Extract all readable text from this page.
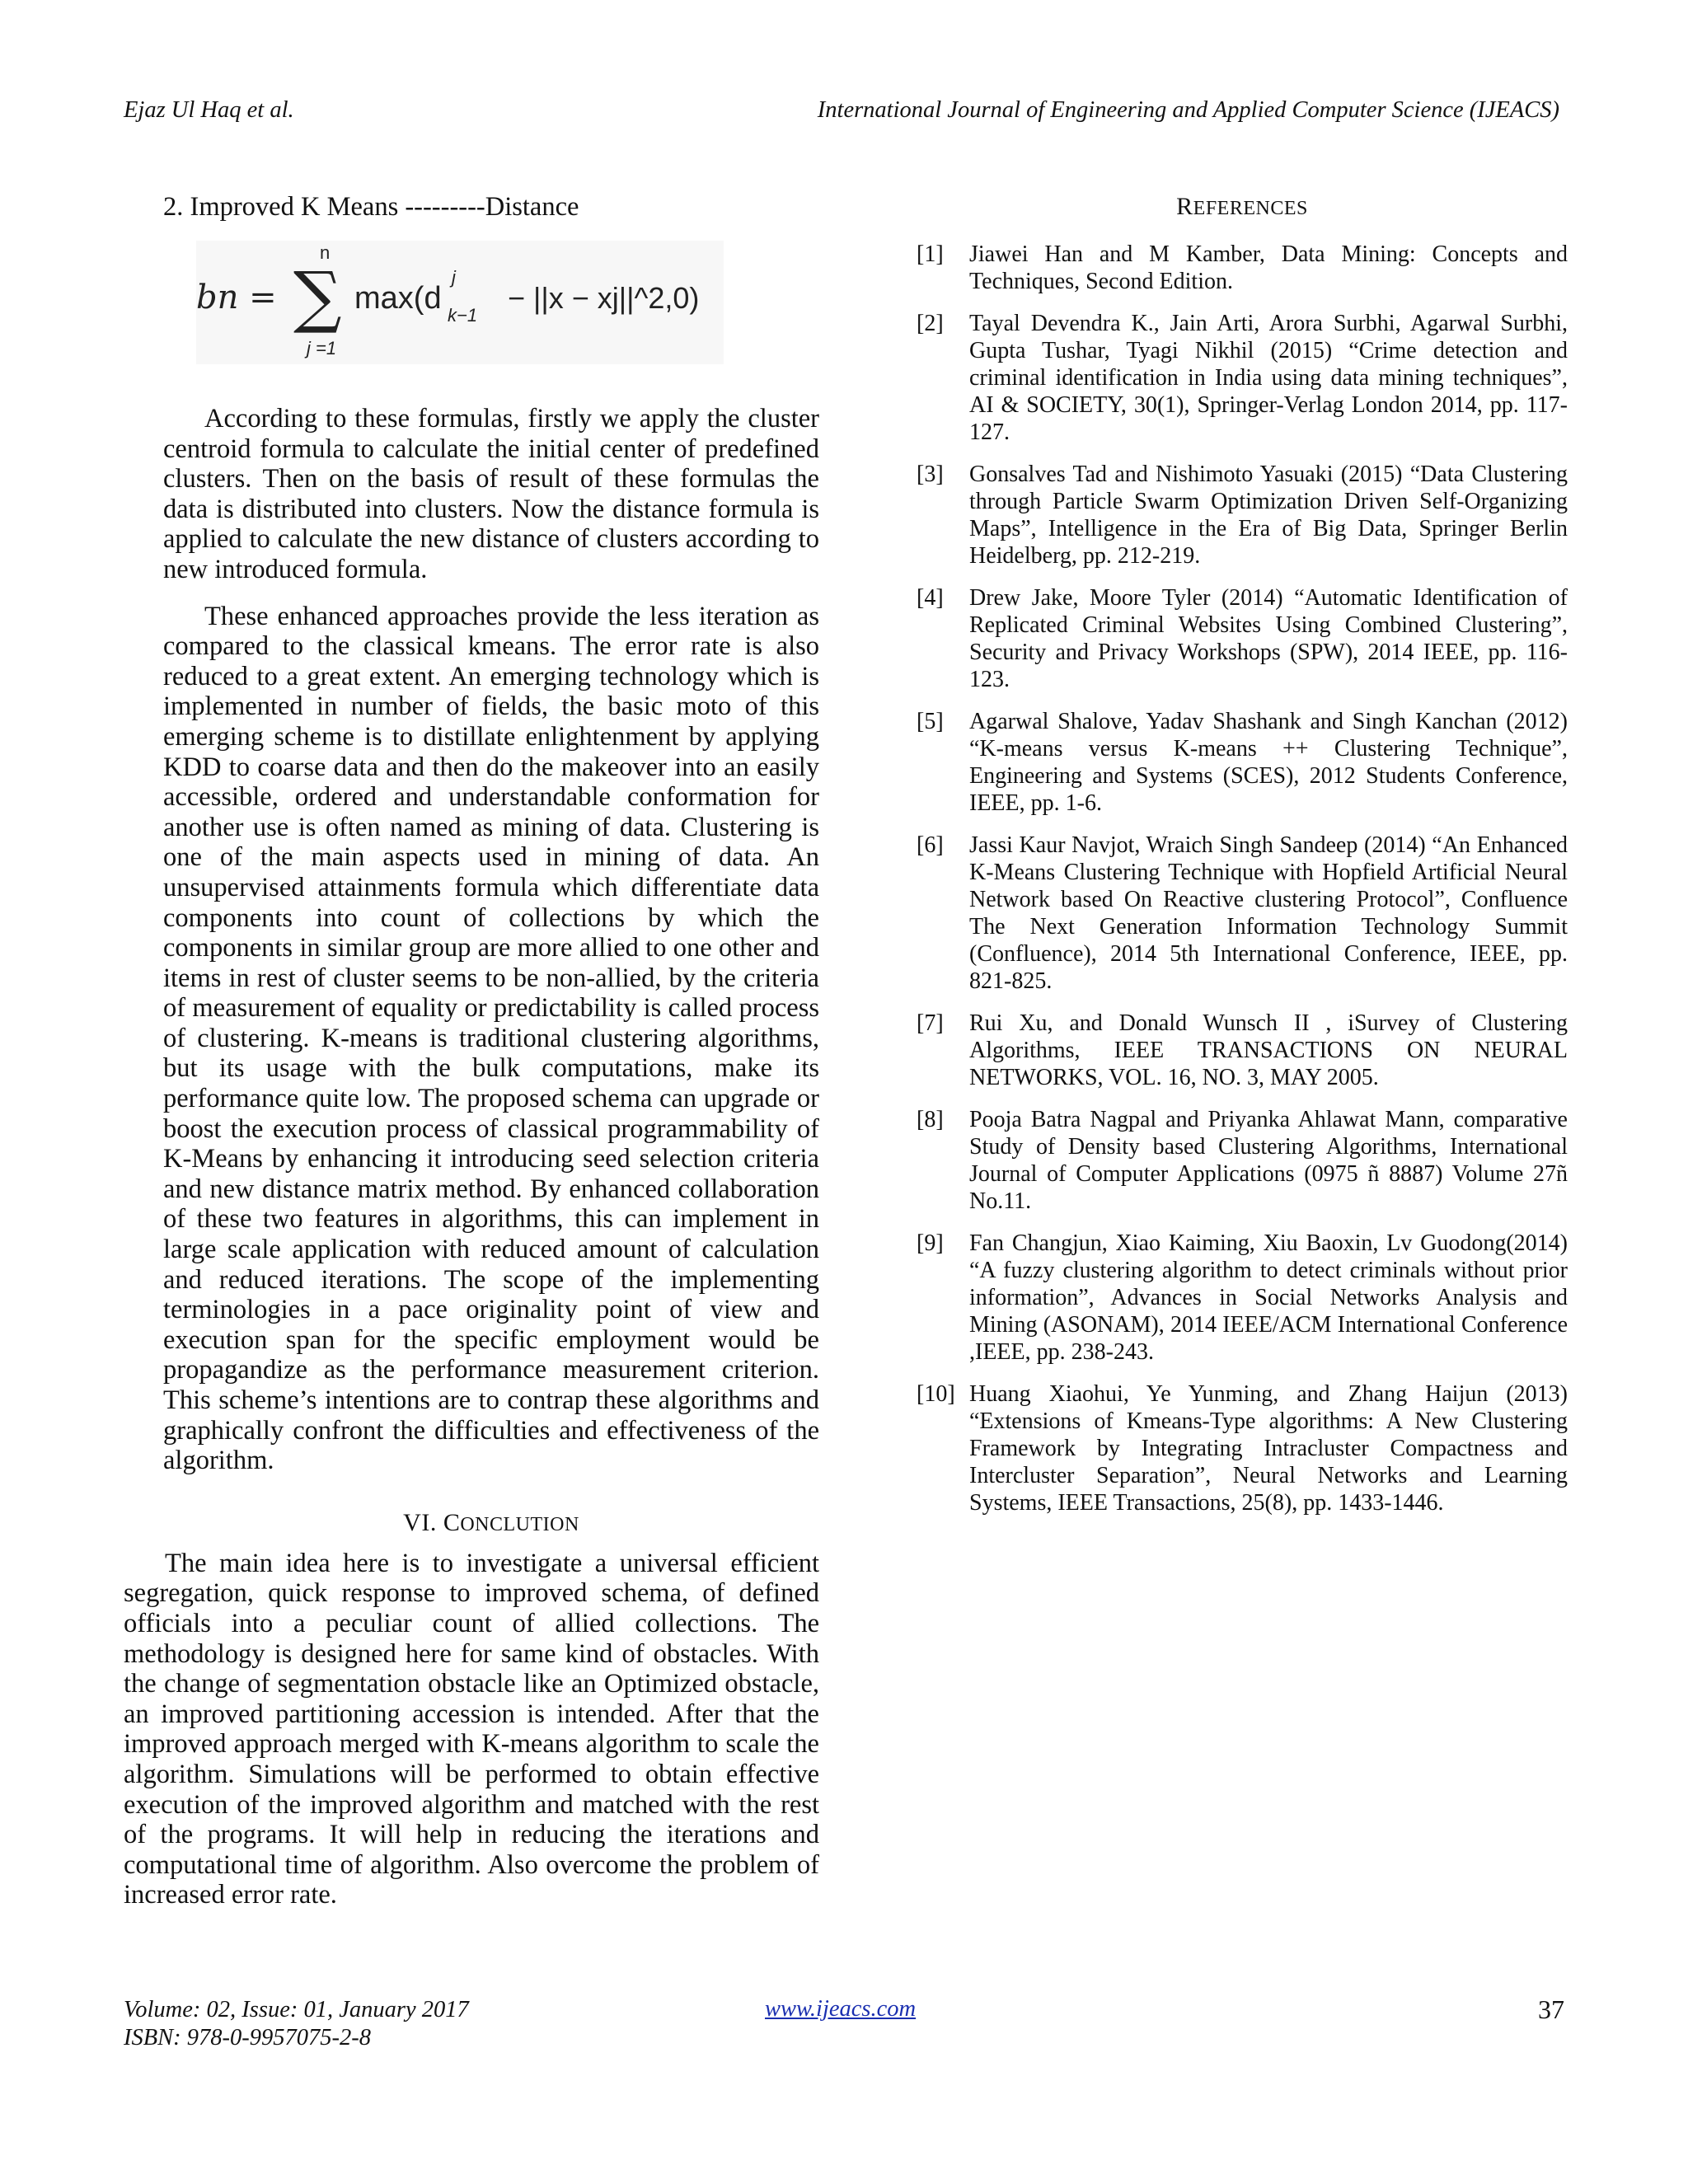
Ejaz Ul Haq et al.	International Journal of Engineering and Applied Computer Science (IJEACS)
2. Improved K Means ---------Distance
n
bn = ∑
j =1
max(d
j
k−1
− ||x − xj||^2,0)

According to these formulas, firstly we apply the cluster centroid formula to calculate the initial center of predefined clusters. Then on the basis of result of these formulas the data is distributed into clusters. Now the distance formula is applied to calculate the new distance of clusters according to new introduced formula.

These enhanced approaches provide the less iteration as compared to the classical kmeans. The error rate is also reduced to a great extent. An emerging technology which is implemented in number of fields, the basic moto of this emerging scheme is to distillate enlightenment by applying KDD to coarse data and then do the makeover into an easily accessible, ordered and understandable conformation for another use is often named as mining of data. Clustering is one of the main aspects used in mining of data. An unsupervised attainments formula which differentiate data components into count of collections by which the components in similar group are more allied to one other and items in rest of cluster seems to be non-allied, by the criteria of measurement of equality or predictability is called process of clustering. K-means is traditional clustering algorithms, but its usage with the bulk computations, make its performance quite low. The proposed schema can upgrade or boost the execution process of classical programmability of K-Means by enhancing it introducing seed selection criteria and new distance matrix method. By enhanced collaboration of these two features in algorithms, this can implement in large scale application with reduced amount of calculation and reduced iterations. The scope of the implementing terminologies in a pace originality point of view and execution span for the specific employment would be propagandize as the performance measurement criterion. This scheme’s intentions are to contrap these algorithms and graphically confront the difficulties and effectiveness of the algorithm.

VI. CONCLUTION

The main idea here is to investigate a universal efficient segregation, quick response to improved schema, of defined officials into a peculiar count of allied collections. The methodology is designed here for same kind of obstacles. With the change of segmentation obstacle like an Optimized obstacle, an improved partitioning accession is intended. After that the improved approach merged with K-means algorithm to scale the algorithm. Simulations will be performed to obtain effective execution of the improved algorithm and matched with the rest of the programs. It will help in reducing the iterations and computational time of algorithm. Also overcome the problem of increased error rate.

REFERENCES
[1]	Jiawei Han and M Kamber, Data Mining: Concepts and Techniques, Second Edition.
[2]	Tayal Devendra K., Jain Arti, Arora Surbhi, Agarwal Surbhi, Gupta Tushar, Tyagi Nikhil (2015) “Crime detection and criminal identification in India using data mining techniques”, AI & SOCIETY, 30(1), Springer-Verlag London 2014, pp. 117-127.
[3]	Gonsalves Tad and Nishimoto Yasuaki (2015) “Data Clustering through Particle Swarm Optimization Driven Self-Organizing Maps”, Intelligence in the Era of Big Data, Springer Berlin Heidelberg, pp. 212-219.
[4]	Drew Jake, Moore Tyler (2014) “Automatic Identification of Replicated Criminal Websites Using Combined Clustering”, Security and Privacy Workshops (SPW), 2014 IEEE, pp. 116-123.
[5]	Agarwal Shalove, Yadav Shashank and Singh Kanchan (2012) “K-means versus K-means ++ Clustering Technique”, Engineering and Systems (SCES), 2012 Students Conference, IEEE, pp. 1-6.
[6]	Jassi Kaur Navjot, Wraich Singh Sandeep (2014) “An Enhanced K-Means Clustering Technique with Hopfield Artificial Neural Network based On Reactive clustering Protocol”, Confluence The Next Generation Information Technology Summit (Confluence), 2014 5th International Conference, IEEE, pp. 821-825.
[7]	Rui Xu, and Donald Wunsch II , iSurvey of Clustering Algorithms, IEEE TRANSACTIONS ON NEURAL NETWORKS, VOL. 16, NO. 3, MAY 2005.
[8]	Pooja Batra Nagpal and Priyanka Ahlawat Mann, comparative Study of Density based Clustering Algorithms, International Journal of Computer Applications (0975 ñ 8887) Volume 27ñ No.11.
[9]	Fan Changjun, Xiao Kaiming, Xiu Baoxin, Lv Guodong(2014) “A fuzzy clustering algorithm to detect criminals without prior information”, Advances in Social Networks Analysis and Mining (ASONAM), 2014 IEEE/ACM International Conference ,IEEE, pp. 238-243.
[10] Huang Xiaohui, Ye Yunming, and Zhang Haijun (2013) “Extensions of Kmeans-Type algorithms: A New Clustering Framework by Integrating Intracluster Compactness and Intercluster Separation”, Neural Networks and Learning Systems, IEEE Transactions, 25(8), pp. 1433-1446.
Volume: 02, Issue: 01, January 2017
ISBN: 978-0-9957075-2-8
www.ijeacs.com	37
